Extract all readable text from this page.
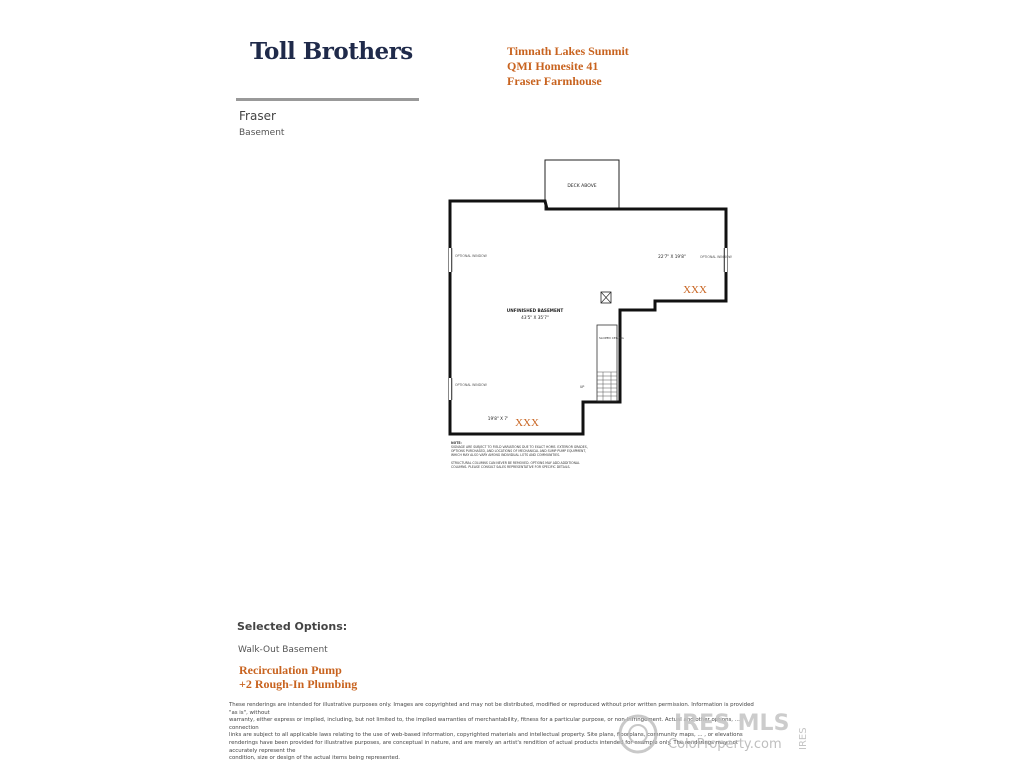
Toll Brothers	Timnath Lakes Summit
QMI Homesite 41
Fraser Farmhouse
Fraser
Basement
DECK ABOVE
OPTIONAL WINDOW
OPTIONAL WINDOW
OPTIONAL WINDOW
SLOPED CEILING
UP
UNFINISHED BASEMENT
43'5" X 35'7"
22'7" X 19'8"
19'8" X 7'
XXX
XXX
NOTE:
SIGNAGE ARE SUBJECT TO FIELD VARIATIONS DUE TO EXACT HOME. EXTERIOR GRADES,
OPTIONS PURCHASED, AND LOCATIONS OF MECHANICAL AND SUMP PUMP EQUIPMENT,
WHICH MAY ALSO VARY AMONG INDIVIDUAL LOTS AND COMMUNITIES.
STRUCTURAL COLUMNS CAN NEVER BE REMOVED. OPTIONS MAY ADD ADDITIONAL
COLUMNS. PLEASE CONSULT SALES REPRESENTATIVE FOR SPECIFIC DETAILS.
Selected Options:
Walk-Out Basement
Recirculation Pump
+2 Rough-In Plumbing
These renderings are intended for illustrative purposes only. Images are copyrighted and may not be distributed, modified or reproduced without prior written permission. Information is provided "as is", without
warranty, either express or implied, including, but not limited to, the implied warranties of merchantability, fitness for a particular purpose, or non-infringement. Actual and other options, ... connection
links are subject to all applicable laws relating to the use of web-based information, copyrighted materials and intellectual property. Site plans, floorplans, community maps, ... , or elevations
renderings have been provided for illustrative purposes, are conceptual in nature, and are merely an artist's rendition of actual products intended for example only. The renderings may not accurately represent the
condition, size or design of the actual items being represented.
IRES MLS
ColoProperty.com IRES
